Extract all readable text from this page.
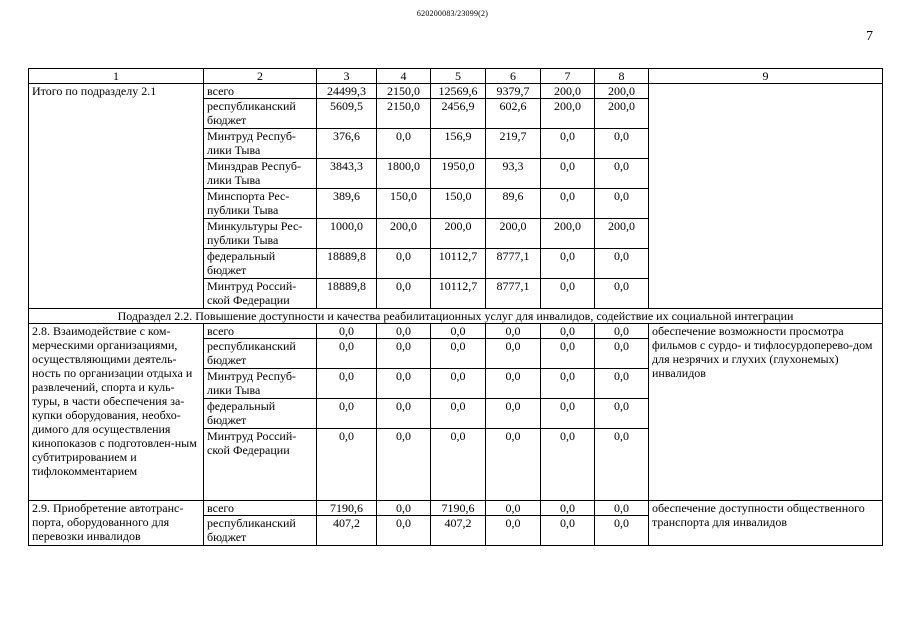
620200083/23099(2)
7
1	2	3	4	5	6	7	8	9
Итого по подразделу 2.1	всего	24499,3	2150,0	12569,6	9379,7	200,0	200,0	
	республиканский бюджет	5609,5	2150,0	2456,9	602,6	200,0	200,0	
	Минтруд Респуб-лики Тыва	376,6	0,0	156,9	219,7	0,0	0,0	
	Минздрав Респуб-лики Тыва	3843,3	1800,0	1950,0	93,3	0,0	0,0	
	Минспорта Рес-публики Тыва	389,6	150,0	150,0	89,6	0,0	0,0	
	Минкультуры Рес-публики Тыва	1000,0	200,0	200,0	200,0	200,0	200,0	
	федеральный бюджет	18889,8	0,0	10112,7	8777,1	0,0	0,0	
	Минтруд Россий-ской Федерации	18889,8	0,0	10112,7	8777,1	0,0	0,0	
Подраздел 2.2. Повышение доступности и качества реабилитационных услуг для инвалидов, содействие их социальной интеграции								
2.8. Взаимодействие с ком-мерческими организациями, осуществляющими деятель-ность по организации отдыха и развлечений, спорта и куль-туры, в части обеспечения за-купки оборудования, необхо-димого для осуществления кинопоказов с подготовлен-ным субтитрированием и тифлокомментарием	всего	0,0	0,0	0,0	0,0	0,0	0,0	обеспечение возможности просмотра фильмов с сурдо- и тифлосурдоперево-дом для незрячих и глухих (глухонемых) инвалидов
	республиканский бюджет	0,0	0,0	0,0	0,0	0,0	0,0	
	Минтруд Респуб-лики Тыва	0,0	0,0	0,0	0,0	0,0	0,0	
	федеральный бюджет	0,0	0,0	0,0	0,0	0,0	0,0	
	Минтруд Россий-ской Федерации	0,0	0,0	0,0	0,0	0,0	0,0	
2.9. Приобретение автотранс-порта, оборудованного для перевозки инвалидов	всего	7190,6	0,0	7190,6	0,0	0,0	0,0	обеспечение доступности общественного транспорта для инвалидов
	республиканский бюджет	407,2	0,0	407,2	0,0	0,0	0,0	
